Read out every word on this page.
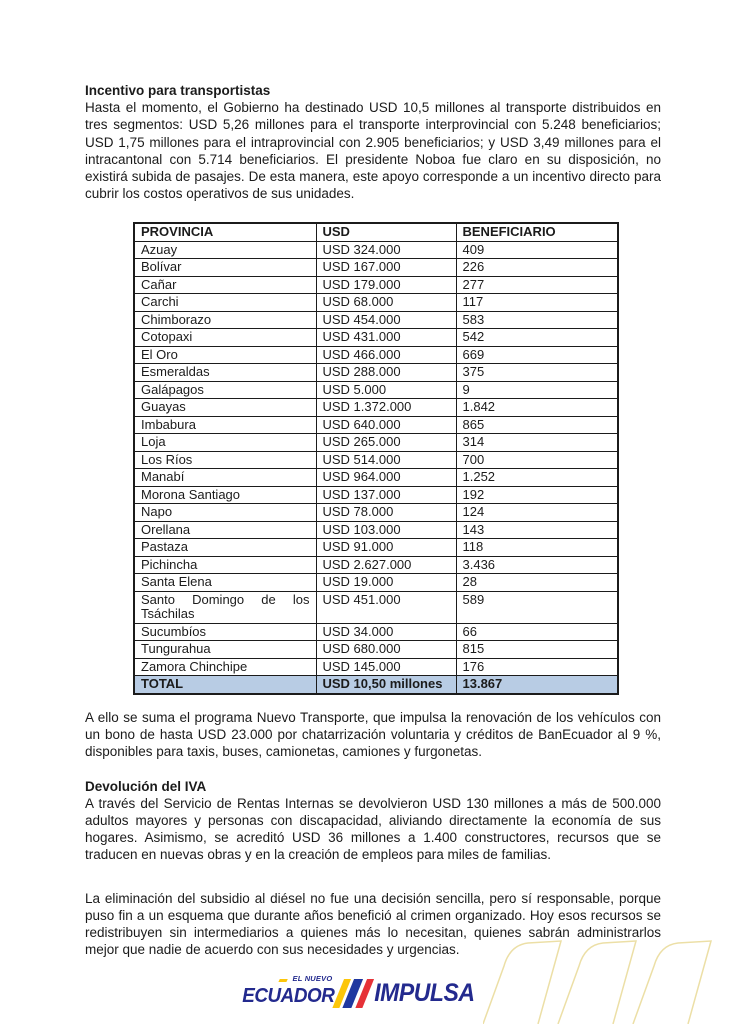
Incentivo para transportistas

Hasta el momento, el Gobierno ha destinado USD 10,5 millones al transporte distribuidos en tres segmentos: USD 5,26 millones para el transporte interprovincial con 5.248 beneficiarios; USD 1,75 millones para el intraprovincial con 2.905 beneficiarios; y USD 3,49 millones para el intracantonal con 5.714 beneficiarios. El presidente Noboa fue claro en su disposición, no existirá subida de pasajes. De esta manera, este apoyo corresponde a un incentivo directo para cubrir los costos operativos de sus unidades.

PROVINCIA	USD	BENEFICIARIO
Azuay	USD 324.000	409
Bolívar	USD 167.000	226
Cañar	USD 179.000	277
Carchi	USD 68.000	117
Chimborazo	USD 454.000	583
Cotopaxi	USD 431.000	542
El Oro	USD 466.000	669
Esmeraldas	USD 288.000	375
Galápagos	USD 5.000	9
Guayas	USD 1.372.000	1.842
Imbabura	USD 640.000	865
Loja	USD 265.000	314
Los Ríos	USD 514.000	700
Manabí	USD 964.000	1.252
Morona Santiago	USD 137.000	192
Napo	USD 78.000	124
Orellana	USD 103.000	143
Pastaza	USD 91.000	118
Pichincha	USD 2.627.000	3.436
Santa Elena	USD 19.000	28
Santo Domingo de los Tsáchilas	USD 451.000	589
Sucumbíos	USD 34.000	66
Tungurahua	USD 680.000	815
Zamora Chinchipe	USD 145.000	176
TOTAL	USD 10,50 millones	13.867

A ello se suma el programa Nuevo Transporte, que impulsa la renovación de los vehículos con un bono de hasta USD 23.000 por chatarrización voluntaria y créditos de BanEcuador al 9 %, disponibles para taxis, buses, camionetas, camiones y furgonetas.

Devolución del IVA

A través del Servicio de Rentas Internas se devolvieron USD 130 millones a más de 500.000 adultos mayores y personas con discapacidad, aliviando directamente la economía de sus hogares. Asimismo, se acreditó USD 36 millones a 1.400 constructores, recursos que se traducen en nuevas obras y en la creación de empleos para miles de familias.

La eliminación del subsidio al diésel no fue una decisión sencilla, pero sí responsable, porque puso fin a un esquema que durante años benefició al crimen organizado. Hoy esos recursos se redistribuyen sin intermediarios a quienes más lo necesitan, quienes sabrán administrarlos mejor que nadie de acuerdo con sus necesidades y urgencias.

EL NUEVO
ECUADOR IMPULSA
